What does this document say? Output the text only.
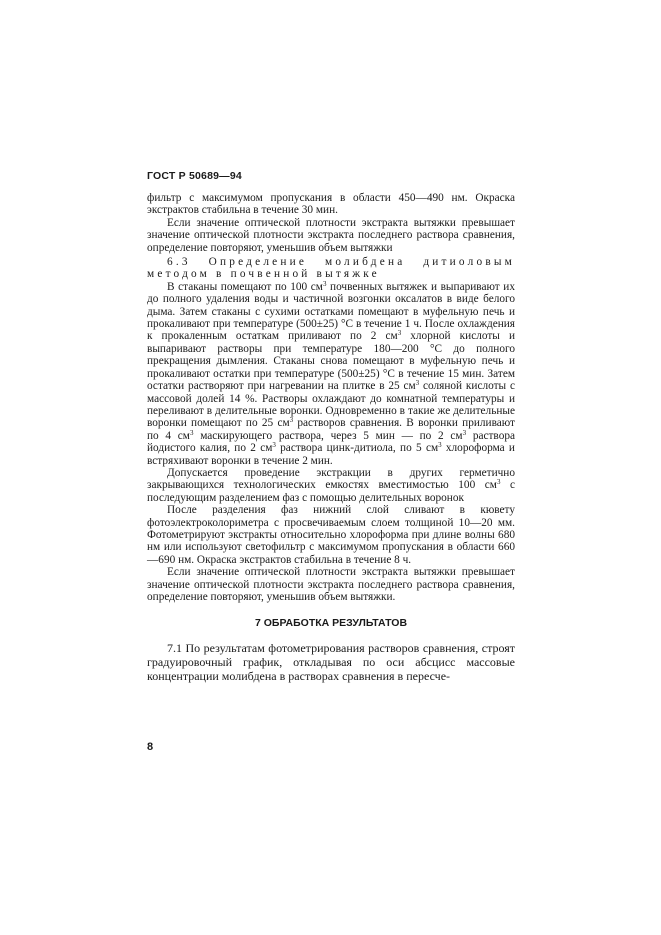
ГОСТ Р 50689—94

фильтр с максимумом пропускания в области 450—490 нм. Окраска экстрактов стабильна в течение 30 мин.

Если значение оптической плотности экстракта вытяжки превышает значение оптической плотности экстракта последнего раствора сравнения, определение повторяют, уменьшив объем вытяжки

6.3 Определение молибдена дитиоловым методом в почвенной вытяжке

В стаканы помещают по 100 $см^3$ почвенных вытяжек и выпаривают их до полного удаления воды и частичной возгонки оксалатов в виде белого дыма. Затем стаканы с сухими остатками помещают в муфельную печь и прокаливают при температуре (500±25) °С в течение 1 ч. После охлаждения к прокаленным остаткам приливают по 2 $см^3$ хлорной кислоты и выпаривают растворы при температуре 180—200 °С до полного прекращения дымления. Стаканы снова помещают в муфельную печь и прокаливают остатки при температуре (500±25) °С в течение 15 мин. Затем остатки растворяют при нагревании на плитке в 25 $см^3$ соляной кислоты с массовой долей 14 %. Растворы охлаждают до комнатной температуры и переливают в делительные воронки. Одновременно в такие же делительные воронки помещают по 25 $см^3$ растворов сравнения. В воронки приливают по 4 $см^3$ маскирующего раствора, через 5 мин — по 2 $см^3$ раствора йодистого калия, по 2 $см^3$ раствора цинк-дитиола, по 5 $см^3$ хлороформа и встряхивают воронки в течение 2 мин.

Допускается проведение экстракции в других герметично закрывающихся технологических емкостях вместимостью 100 $см^3$ с последующим разделением фаз с помощью делительных воронок

После разделения фаз нижний слой сливают в кювету фотоэлектроколориметра с просвечиваемым слоем толщиной 10—20 мм. Фотометрируют экстракты относительно хлороформа при длине волны 680 нм или используют светофильтр с максимумом пропускания в области 660—690 нм. Окраска экстрактов стабильна в течение 8 ч.

Если значение оптической плотности экстракта вытяжки превышает значение оптической плотности экстракта последнего раствора сравнения, определение повторяют, уменьшив объем вытяжки.

7 ОБРАБОТКА РЕЗУЛЬТАТОВ

7.1 По результатам фотометрирования растворов сравнения, строят градуировочный график, откладывая по оси абсцисс массовые концентрации молибдена в растворах сравнения в пересче-

8
